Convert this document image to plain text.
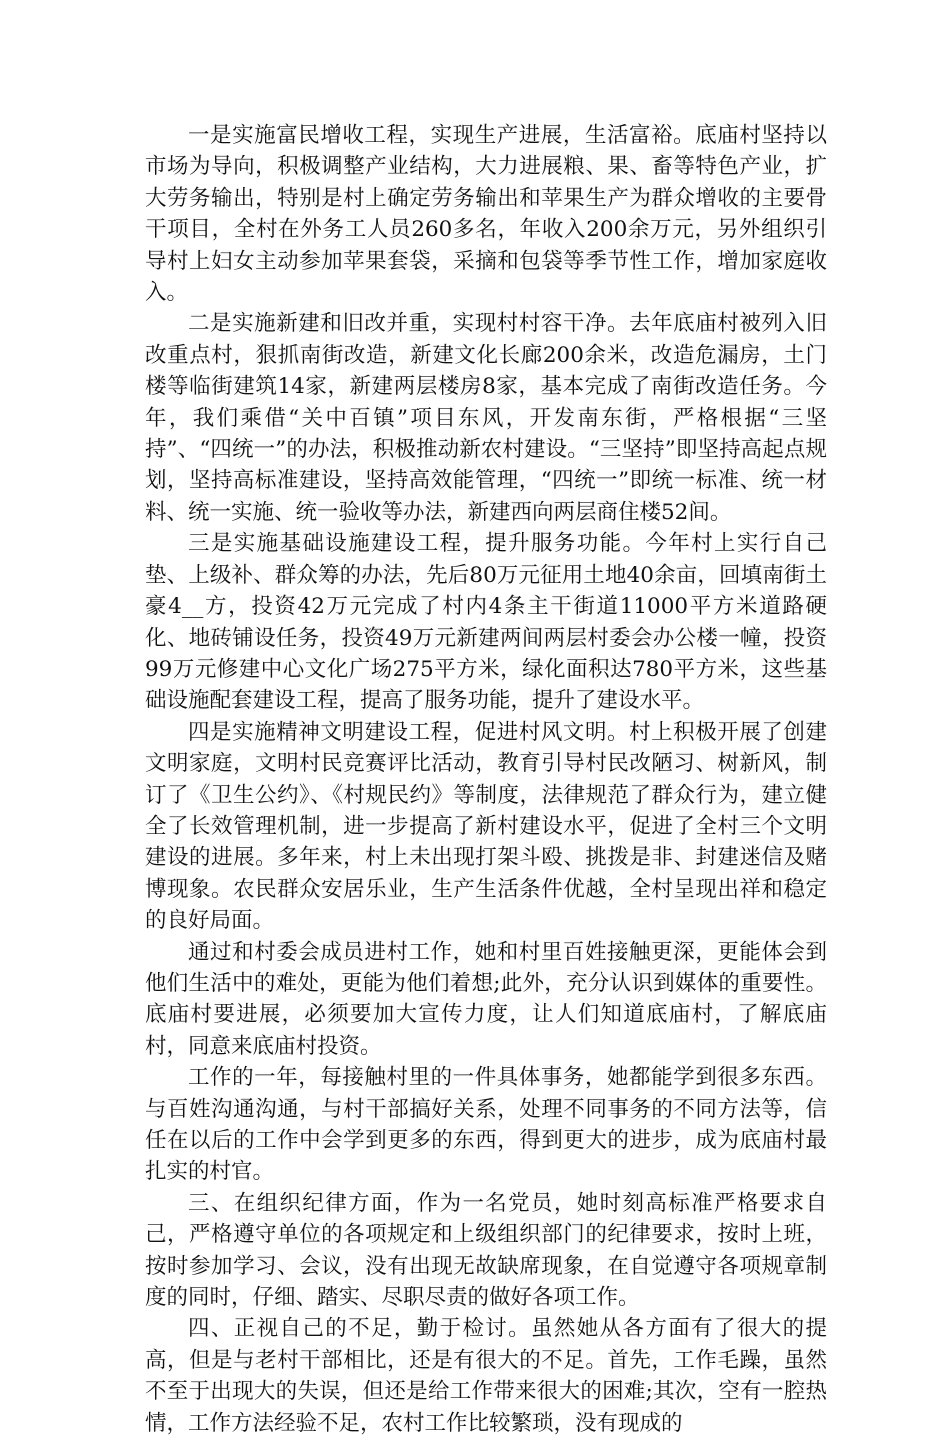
一是实施富民增收工程，实现生产进展，生活富裕。底庙村坚持以市场为导向，积极调整产业结构，大力进展粮、果、畜等特色产业，扩大劳务输出，特别是村上确定劳务输出和苹果生产为群众增收的主要骨干项目，全村在外务工人员260多名，年收入200余万元，另外组织引导村上妇女主动参加苹果套袋，采摘和包袋等季节性工作，增加家庭收入。

二是实施新建和旧改并重，实现村村容干净。去年底庙村被列入旧改重点村，狠抓南街改造，新建文化长廊200余米，改造危漏房，土门楼等临街建筑14家，新建两层楼房8家，基本完成了南街改造任务。今年，我们乘借“关中百镇”项目东风，开发南东街，严格根据“三坚持”、“四统一”的办法，积极推动新农村建设。“三坚持”即坚持高起点规划，坚持高标准建设，坚持高效能管理，“四统一”即统一标准、统一材料、统一实施、统一验收等办法，新建西向两层商住楼52间。

三是实施基础设施建设工程，提升服务功能。今年村上实行自己垫、上级补、群众筹的办法，先后80万元征用土地40余亩，回填南街土豪4__方，投资42万元完成了村内4条主干街道11000平方米道路硬化、地砖铺设任务，投资49万元新建两间两层村委会办公楼一幢，投资99万元修建中心文化广场275平方米，绿化面积达780平方米，这些基础设施配套建设工程，提高了服务功能，提升了建设水平。

四是实施精神文明建设工程，促进村风文明。村上积极开展了创建文明家庭，文明村民竞赛评比活动，教育引导村民改陋习、树新风，制订了《卫生公约》、《村规民约》等制度，法律规范了群众行为，建立健全了长效管理机制，进一步提高了新村建设水平，促进了全村三个文明建设的进展。多年来，村上未出现打架斗殴、挑拨是非、封建迷信及赌博现象。农民群众安居乐业，生产生活条件优越，全村呈现出祥和稳定的良好局面。

通过和村委会成员进村工作，她和村里百姓接触更深，更能体会到他们生活中的难处，更能为他们着想;此外，充分认识到媒体的重要性。底庙村要进展，必须要加大宣传力度，让人们知道底庙村，了解底庙村，同意来底庙村投资。

工作的一年，每接触村里的一件具体事务，她都能学到很多东西。与百姓沟通沟通，与村干部搞好关系，处理不同事务的不同方法等，信任在以后的工作中会学到更多的东西，得到更大的进步，成为底庙村最扎实的村官。

三、在组织纪律方面，作为一名党员，她时刻高标准严格要求自己，严格遵守单位的各项规定和上级组织部门的纪律要求，按时上班，按时参加学习、会议，没有出现无故缺席现象，在自觉遵守各项规章制度的同时，仔细、踏实、尽职尽责的做好各项工作。

四、正视自己的不足，勤于检讨。虽然她从各方面有了很大的提高，但是与老村干部相比，还是有很大的不足。首先，工作毛躁，虽然不至于出现大的失误，但还是给工作带来很大的困难;其次，空有一腔热情，工作方法经验不足，农村工作比较繁琐，没有现成的
